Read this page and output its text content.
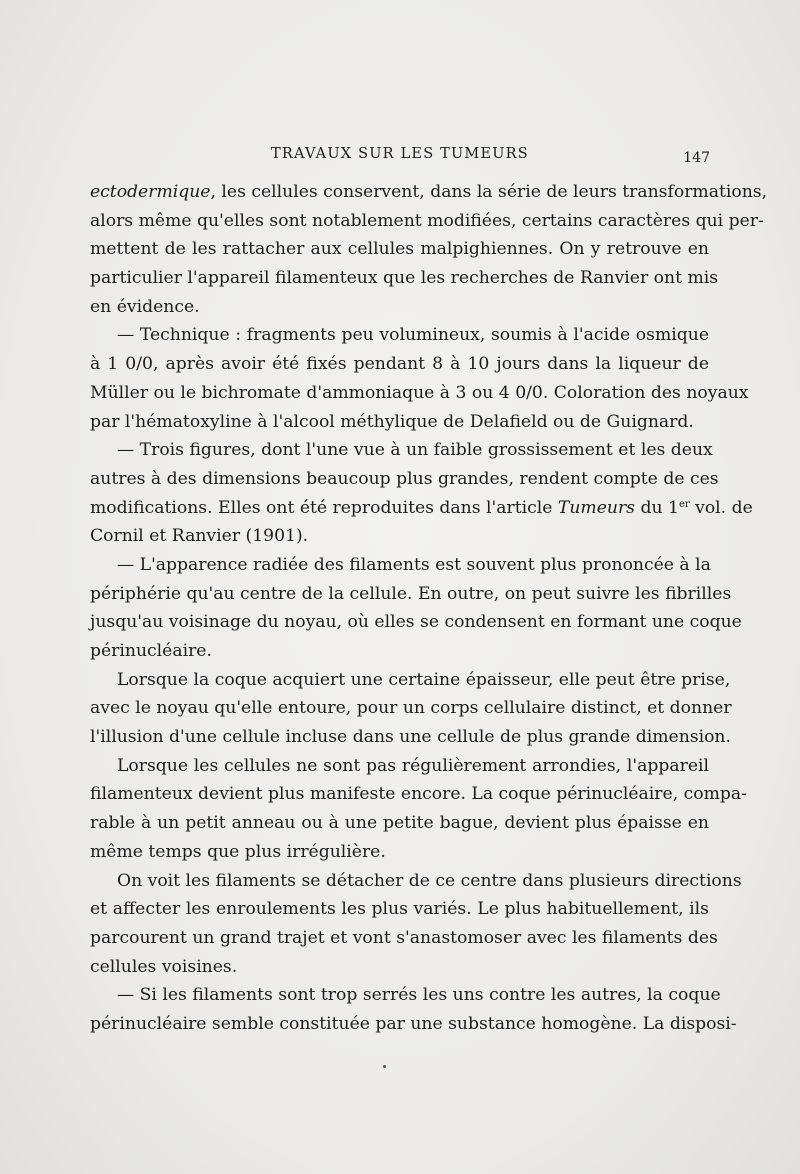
TRAVAUX SUR LES TUMEURS	147
ectodermique, les cellules conservent, dans la série de leurs transformations,
alors même qu'elles sont notablement modifiées, certains caractères qui per-
mettent de les rattacher aux cellules malpighiennes. On y retrouve en
particulier l'appareil filamenteux que les recherches de Ranvier ont mis
en évidence.
— Technique : fragments peu volumineux, soumis à l'acide osmique
à 1 0/0, après avoir été fixés pendant 8 à 10 jours dans la liqueur de
Müller ou le bichromate d'ammoniaque à 3 ou 4 0/0. Coloration des noyaux
par l'hématoxyline à l'alcool méthylique de Delafield ou de Guignard.
— Trois figures, dont l'une vue à un faible grossissement et les deux
autres à des dimensions beaucoup plus grandes, rendent compte de ces
modifications. Elles ont été reproduites dans l'article Tumeurs du 1er vol. de
Cornil et Ranvier (1901).
— L'apparence radiée des filaments est souvent plus prononcée à la
périphérie qu'au centre de la cellule. En outre, on peut suivre les fibrilles
jusqu'au voisinage du noyau, où elles se condensent en formant une coque
périnucléaire.
Lorsque la coque acquiert une certaine épaisseur, elle peut être prise,
avec le noyau qu'elle entoure, pour un corps cellulaire distinct, et donner
l'illusion d'une cellule incluse dans une cellule de plus grande dimension.
Lorsque les cellules ne sont pas régulièrement arrondies, l'appareil
filamenteux devient plus manifeste encore. La coque périnucléaire, compa-
rable à un petit anneau ou à une petite bague, devient plus épaisse en
même temps que plus irrégulière.
On voit les filaments se détacher de ce centre dans plusieurs directions
et affecter les enroulements les plus variés. Le plus habituellement, ils
parcourent un grand trajet et vont s'anastomoser avec les filaments des
cellules voisines.
— Si les filaments sont trop serrés les uns contre les autres, la coque
périnucléaire semble constituée par une substance homogène. La disposi-
